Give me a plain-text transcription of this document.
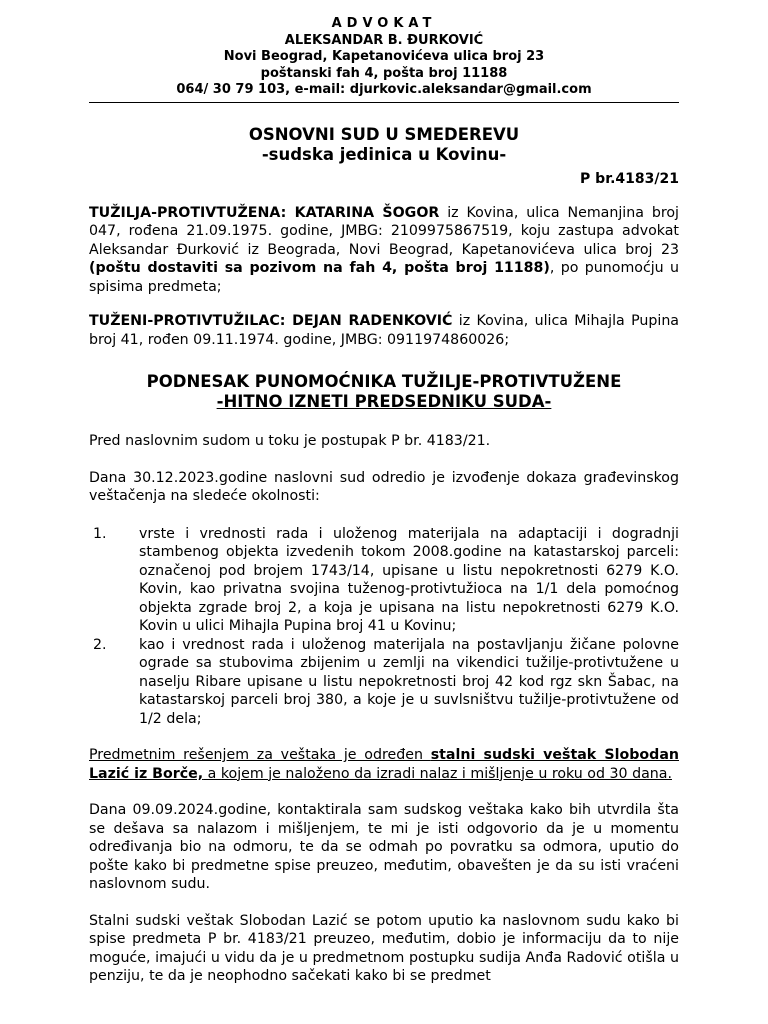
ADVOKAT
ALEKSANDAR B. ĐURKOVIĆ
Novi Beograd, Kapetanovićeva ulica broj 23
poštanski fah 4, pošta broj 11188
064/ 30 79 103, e-mail: djurkovic.aleksandar@gmail.com
OSNOVNI SUD U SMEDEREVU
-sudska jedinica u Kovinu-
P br.4183/21

TUŽILJA-PROTIVTUŽENA: KATARINA ŠOGOR iz Kovina, ulica Nemanjina broj 047, rođena 21.09.1975. godine, JMBG: 2109975867519, koju zastupa advokat Aleksandar Đurković iz Beograda, Novi Beograd, Kapetanovićeva ulica broj 23 (poštu dostaviti sa pozivom na fah 4, pošta broj 11188), po punomoćju u spisima predmeta;

TUŽENI-PROTIVTUŽILAC: DEJAN RADENKOVIĆ iz Kovina, ulica Mihajla Pupina broj 41, rođen 09.11.1974. godine, JMBG: 0911974860026;

PODNESAK PUNOMOĆNIKA TUŽILJE-PROTIVTUŽENE
-HITNO IZNETI PREDSEDNIKU SUDA-

Pred naslovnim sudom u toku je postupak P br. 4183/21.

Dana 30.12.2023.godine naslovni sud odredio je izvođenje dokaza građevinskog veštačenja na sledeće okolnosti:

1. vrste i vrednosti rada i uloženog materijala na adaptaciji i dogradnji stambenog objekta izvedenih tokom 2008.godine na katastarskoj parceli: označenoj pod brojem 1743/14, upisane u listu nepokretnosti 6279 K.O. Kovin, kao privatna svojina tuženog-protivtužioca na 1/1 dela pomoćnog objekta zgrade broj 2, a koja je upisana na listu nepokretnosti 6279 K.O. Kovin u ulici Mihajla Pupina broj 41 u Kovinu;
2. kao i vrednost rada i uloženog materijala na postavljanju žičane polovne ograde sa stubovima zbijenim u zemlji na vikendici tužilje-protivtužene u naselju Ribare upisane u listu nepokretnosti broj 42 kod rgz skn Šabac, na katastarskoj parceli broj 380, a koje je u suvlsništvu tužilje-protivtužene od 1/2 dela;

Predmetnim rešenjem za veštaka je određen stalni sudski veštak Slobodan Lazić iz Borče, a kojem je naloženo da izradi nalaz i mišljenje u roku od 30 dana.

Dana 09.09.2024.godine, kontaktirala sam sudskog veštaka kako bih utvrdila šta se dešava sa nalazom i mišljenjem, te mi je isti odgovorio da je u momentu određivanja bio na odmoru, te da se odmah po povratku sa odmora, uputio do pošte kako bi predmetne spise preuzeo, međutim, obavešten je da su isti vraćeni naslovnom sudu.

Stalni sudski veštak Slobodan Lazić se potom uputio ka naslovnom sudu kako bi spise predmeta P br. 4183/21 preuzeo, međutim, dobio je informaciju da to nije moguće, imajući u vidu da je u predmetnom postupku sudija Anđa Radović otišla u penziju, te da je neophodno sačekati kako bi se predmet
